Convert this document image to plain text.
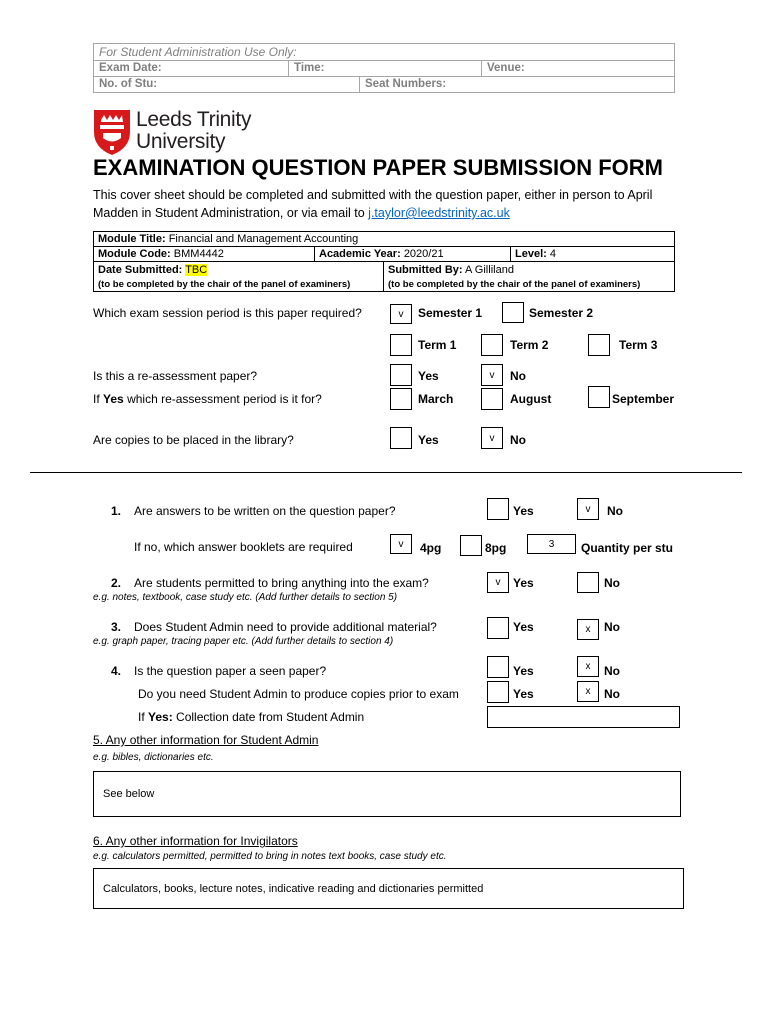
For Student Administration Use Only:
Exam Date:	Time:	Venue:
No. of Stu:	Seat Numbers:
Leeds Trinity
University
EXAMINATION QUESTION PAPER SUBMISSION FORM
This cover sheet should be completed and submitted with the question paper, either in person to April
Madden in Student Administration, or via email to j.taylor@leedstrinity.ac.uk
Module Title: Financial and Management Accounting
Module Code: BMM4442	Academic Year: 2020/21	Level: 4
Date Submitted: TBC
(to be completed by the chair of the panel of examiners)
Submitted By: A Gilliland
(to be completed by the chair of the panel of examiners)
Which exam session period is this paper required?	v	Semester 1	Semester 2
Term 1	Term 2	Term 3
Is this a re-assessment paper?	Yes	v	No
If Yes which re-assessment period is it for?	March	August	September
Are copies to be placed in the library?	Yes	v	No
1. Are answers to be written on the question paper?	Yes	v	No
If no, which answer booklets are required	v	4pg	8pg	3	Quantity per stu
2. Are students permitted to bring anything into the exam?	v	Yes	No
e.g. notes, textbook, case study etc. (Add further details to section 5)
3. Does Student Admin need to provide additional material?	Yes	x	No
e.g. graph paper, tracing paper etc. (Add further details to section 4)
4. Is the question paper a seen paper?	Yes	x	No
Do you need Student Admin to produce copies prior to exam	Yes	x	No
If Yes: Collection date from Student Admin
5. Any other information for Student Admin
e.g. bibles, dictionaries etc.
See below
6. Any other information for Invigilators
e.g. calculators permitted, permitted to bring in notes text books, case study etc.
Calculators, books, lecture notes, indicative reading and dictionaries permitted
